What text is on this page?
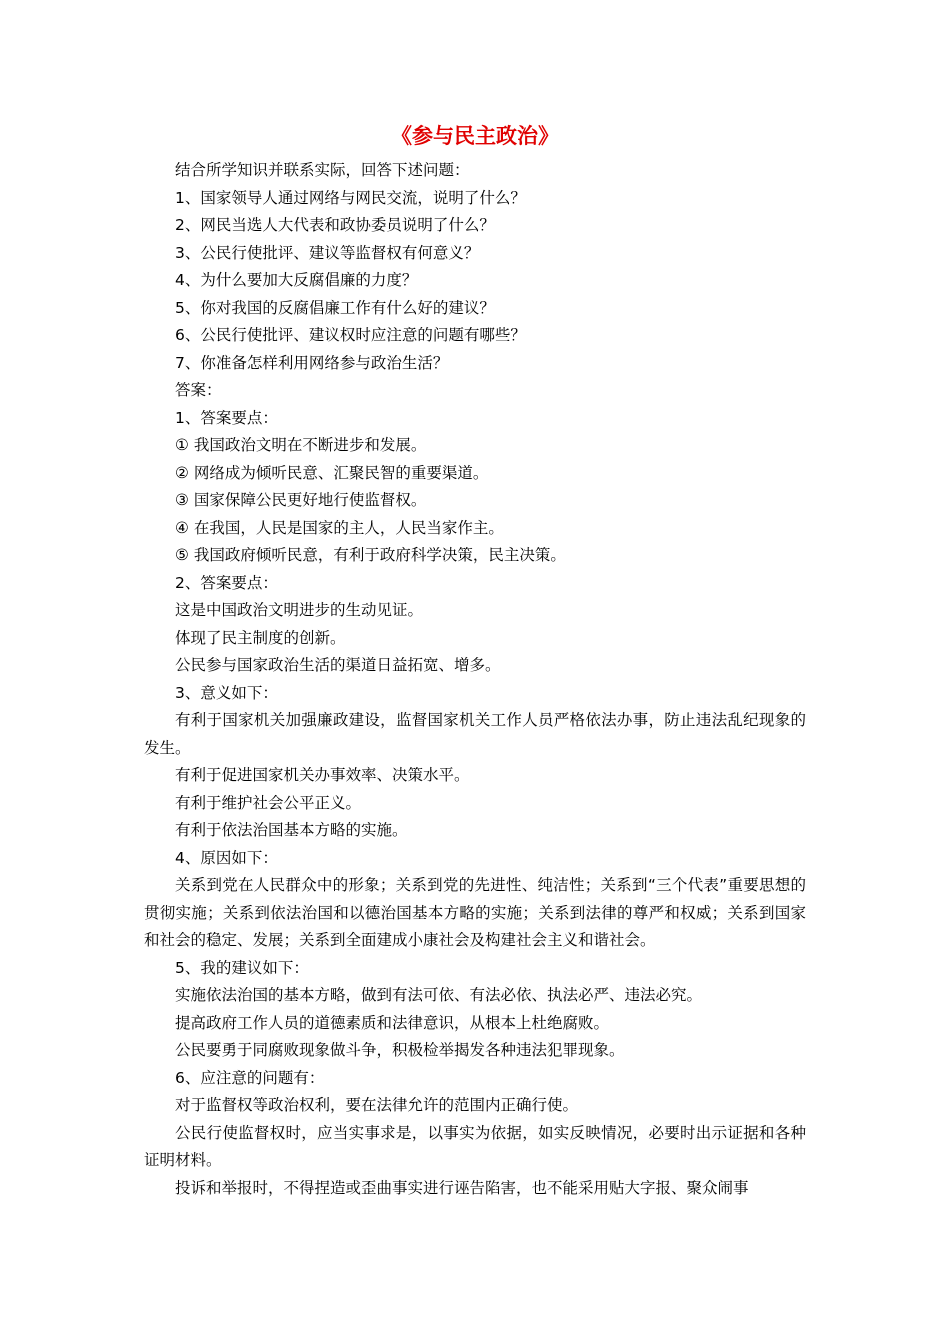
《参与民主政治》

结合所学知识并联系实际，回答下述问题：

1、国家领导人通过网络与网民交流，说明了什么？

2、网民当选人大代表和政协委员说明了什么？

3、公民行使批评、建议等监督权有何意义？

4、为什么要加大反腐倡廉的力度？

5、你对我国的反腐倡廉工作有什么好的建议？

6、公民行使批评、建议权时应注意的问题有哪些？

7、你准备怎样利用网络参与政治生活？

答案：

1、答案要点：

① 我国政治文明在不断进步和发展。

② 网络成为倾听民意、汇聚民智的重要渠道。

③ 国家保障公民更好地行使监督权。

④ 在我国，人民是国家的主人，人民当家作主。

⑤ 我国政府倾听民意，有利于政府科学决策，民主决策。

2、答案要点：

这是中国政治文明进步的生动见证。

体现了民主制度的创新。

公民参与国家政治生活的渠道日益拓宽、增多。

3、意义如下：

有利于国家机关加强廉政建设，监督国家机关工作人员严格依法办事，防止违法乱纪现象的发生。

有利于促进国家机关办事效率、决策水平。

有利于维护社会公平正义。

有利于依法治国基本方略的实施。

4、原因如下：

关系到党在人民群众中的形象；关系到党的先进性、纯洁性；关系到“三个代表”重要思想的贯彻实施；关系到依法治国和以德治国基本方略的实施；关系到法律的尊严和权威；关系到国家和社会的稳定、发展；关系到全面建成小康社会及构建社会主义和谐社会。

5、我的建议如下：

实施依法治国的基本方略，做到有法可依、有法必依、执法必严、违法必究。

提高政府工作人员的道德素质和法律意识，从根本上杜绝腐败。

公民要勇于同腐败现象做斗争，积极检举揭发各种违法犯罪现象。

6、应注意的问题有：

对于监督权等政治权利，要在法律允许的范围内正确行使。

公民行使监督权时，应当实事求是，以事实为依据，如实反映情况，必要时出示证据和各种证明材料。

投诉和举报时，不得捏造或歪曲事实进行诬告陷害，也不能采用贴大字报、聚众闹事
